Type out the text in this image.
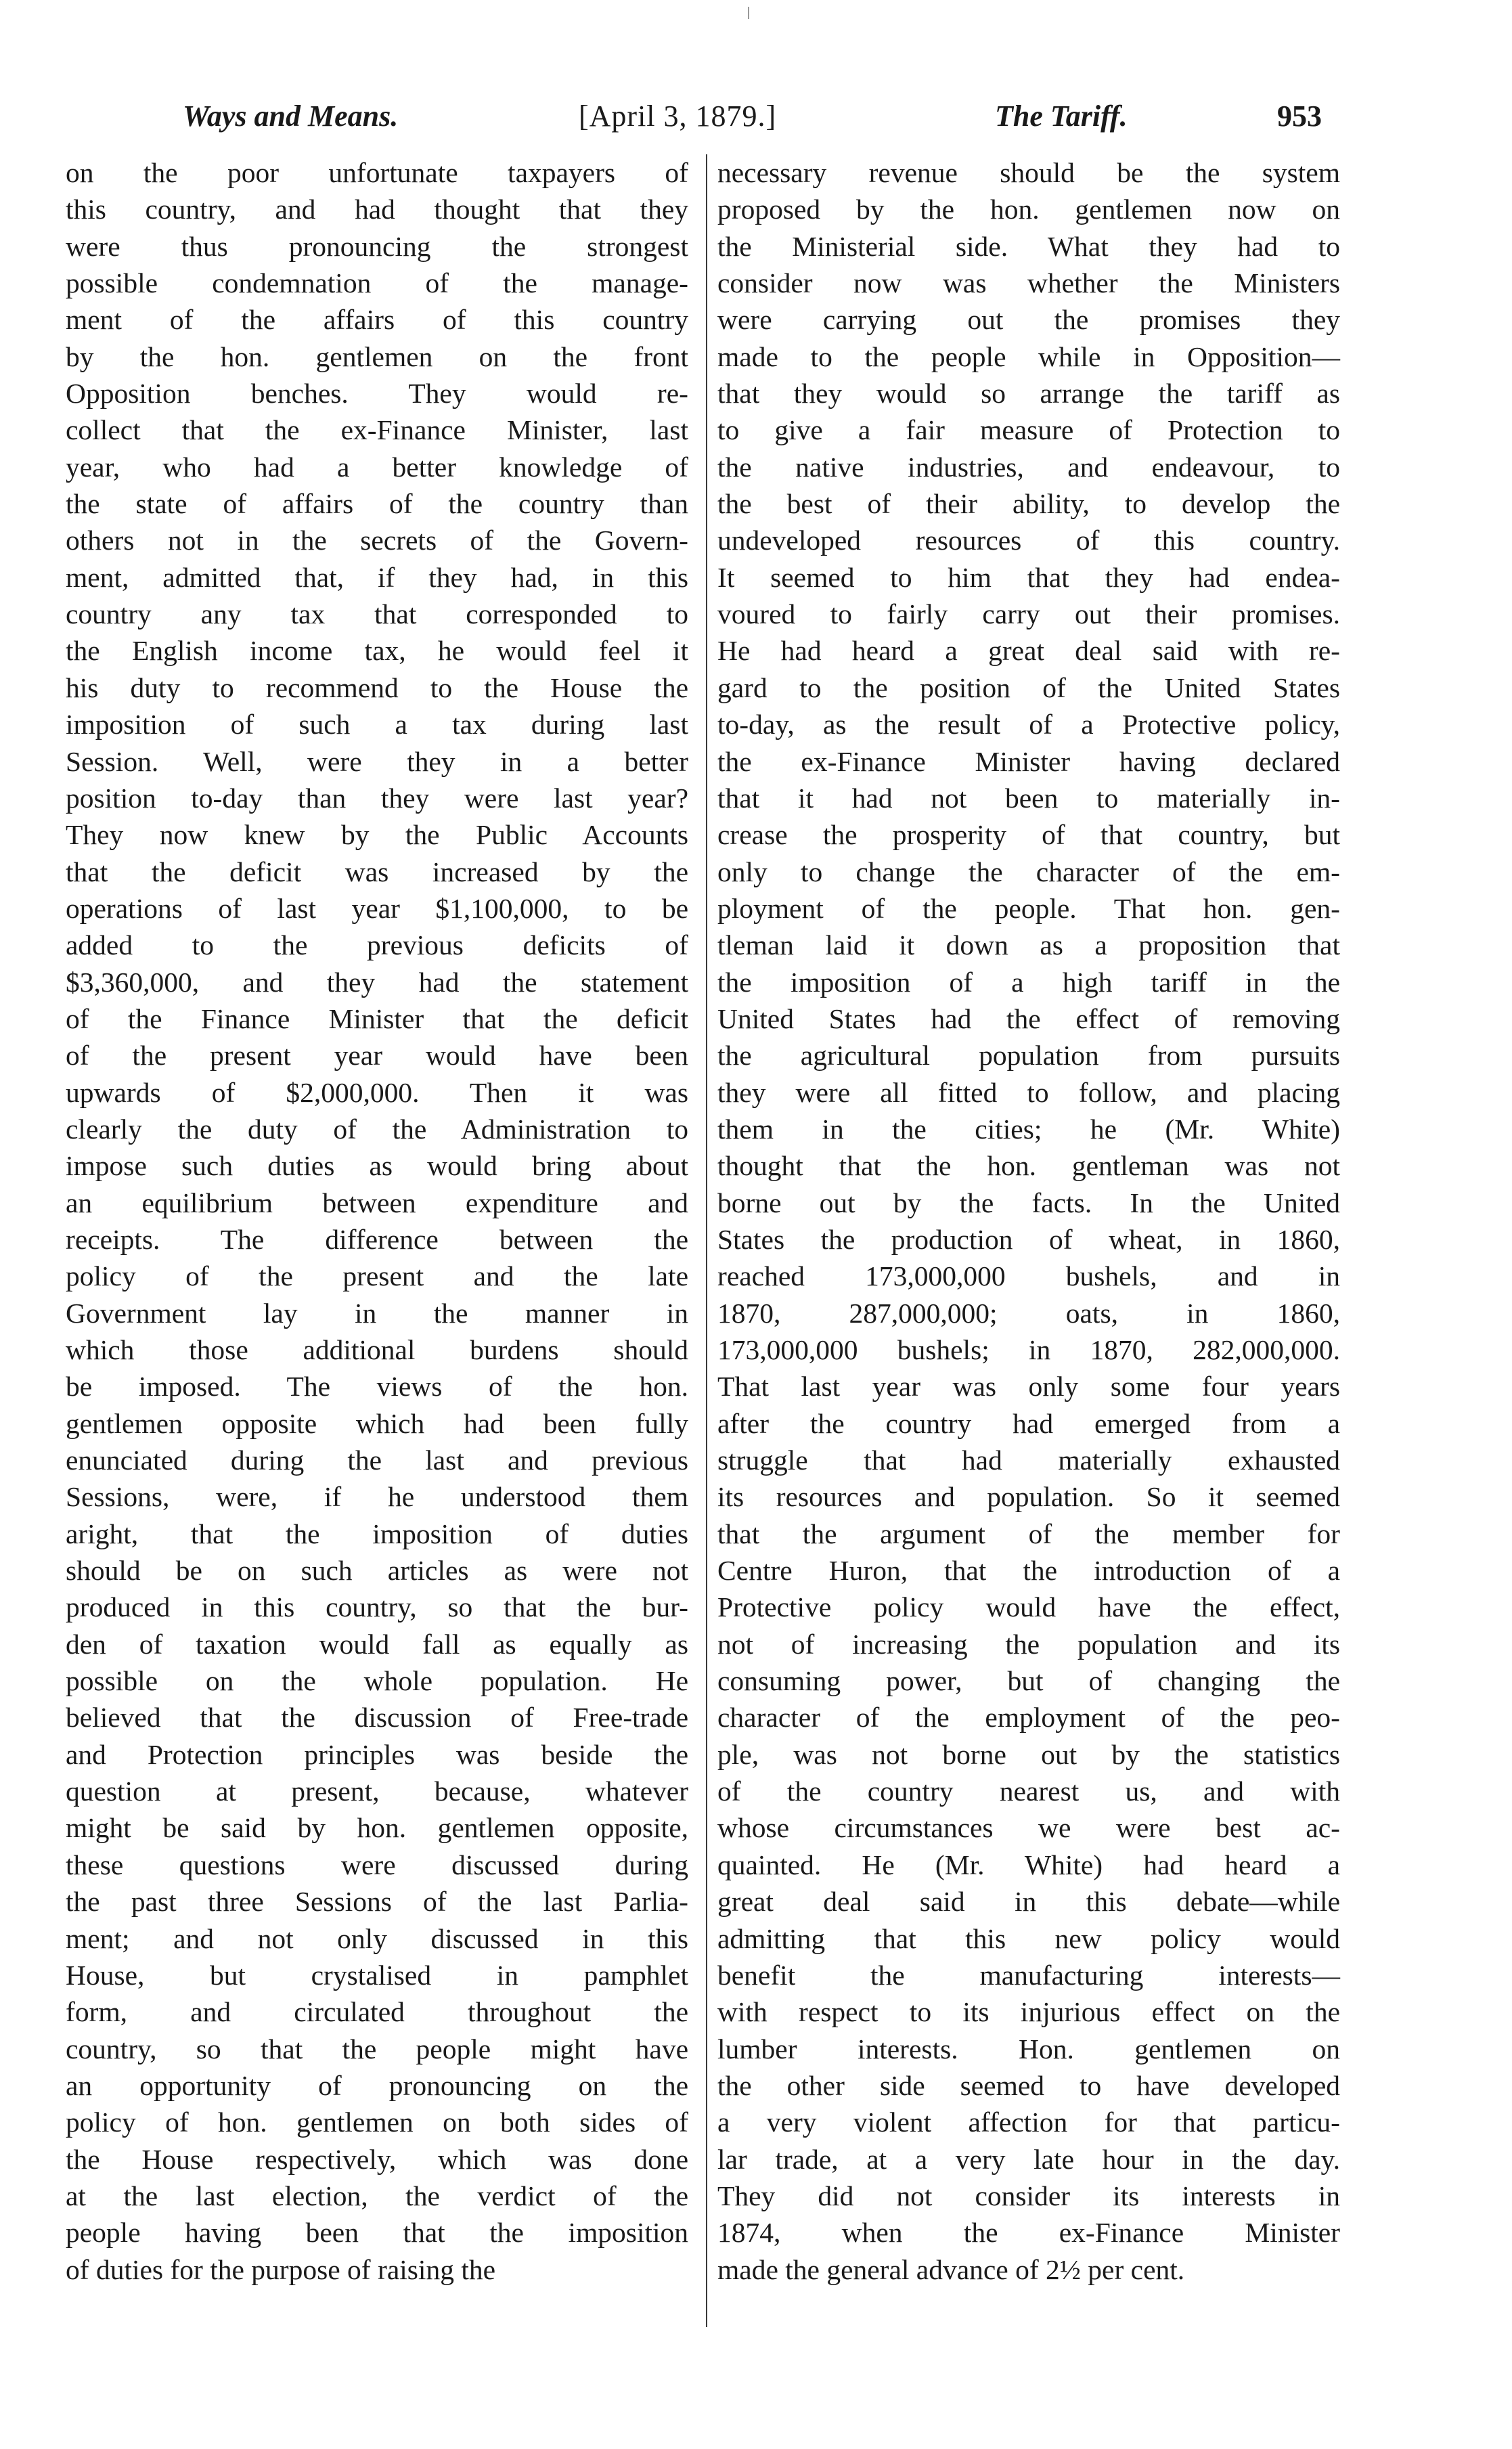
Ways and Means.	[April 3, 1879.]	The Tariff.	953
on the poor unfortunate taxpayers of
this country, and had thought that they
were thus pronouncing the strongest
possible condemnation of the manage-
ment of the affairs of this country
by the hon. gentlemen on the front
Opposition benches. They would re-
collect that the ex-Finance Minister, last
year, who had a better knowledge of
the state of affairs of the country than
others not in the secrets of the Govern-
ment, admitted that, if they had, in this
country any tax that corresponded to
the English income tax, he would feel it
his duty to recommend to the House the
imposition of such a tax during last
Session. Well, were they in a better
position to-day than they were last year?
They now knew by the Public Accounts
that the deficit was increased by the
operations of last year $1,100,000, to be
added to the previous deficits of
$3,360,000, and they had the statement
of the Finance Minister that the deficit
of the present year would have been
upwards of $2,000,000. Then it was
clearly the duty of the Administration to
impose such duties as would bring about
an equilibrium between expenditure and
receipts. The difference between the
policy of the present and the late
Government lay in the manner in
which those additional burdens should
be imposed. The views of the hon.
gentlemen opposite which had been fully
enunciated during the last and previous
Sessions, were, if he understood them
aright, that the imposition of duties
should be on such articles as were not
produced in this country, so that the bur-
den of taxation would fall as equally as
possible on the whole population. He
believed that the discussion of Free-trade
and Protection principles was beside the
question at present, because, whatever
might be said by hon. gentlemen opposite,
these questions were discussed during
the past three Sessions of the last Parlia-
ment; and not only discussed in this
House, but crystalised in pamphlet
form, and circulated throughout the
country, so that the people might have
an opportunity of pronouncing on the
policy of hon. gentlemen on both sides of
the House respectively, which was done
at the last election, the verdict of the
people having been that the imposition
of duties for the purpose of raising the
necessary revenue should be the system
proposed by the hon. gentlemen now on
the Ministerial side. What they had to
consider now was whether the Ministers
were carrying out the promises they
made to the people while in Opposition—
that they would so arrange the tariff as
to give a fair measure of Protection to
the native industries, and endeavour, to
the best of their ability, to develop the
undeveloped resources of this country.
It seemed to him that they had endea-
voured to fairly carry out their promises.
He had heard a great deal said with re-
gard to the position of the United States
to-day, as the result of a Protective policy,
the ex-Finance Minister having declared
that it had not been to materially in-
crease the prosperity of that country, but
only to change the character of the em-
ployment of the people. That hon. gen-
tleman laid it down as a proposition that
the imposition of a high tariff in the
United States had the effect of removing
the agricultural population from pursuits
they were all fitted to follow, and placing
them in the cities; he (Mr. White)
thought that the hon. gentleman was not
borne out by the facts. In the United
States the production of wheat, in 1860,
reached 173,000,000 bushels, and in
1870, 287,000,000; oats, in 1860,
173,000,000 bushels; in 1870, 282,000,000.
That last year was only some four years
after the country had emerged from a
struggle that had materially exhausted
its resources and population. So it seemed
that the argument of the member for
Centre Huron, that the introduction of a
Protective policy would have the effect,
not of increasing the population and its
consuming power, but of changing the
character of the employment of the peo-
ple, was not borne out by the statistics
of the country nearest us, and with
whose circumstances we were best ac-
quainted. He (Mr. White) had heard a
great deal said in this debate—while
admitting that this new policy would
benefit the manufacturing interests—
with respect to its injurious effect on the
lumber interests. Hon. gentlemen on
the other side seemed to have developed
a very violent affection for that particu-
lar trade, at a very late hour in the day.
They did not consider its interests in
1874, when the ex-Finance Minister
made the general advance of 2½ per cent.
